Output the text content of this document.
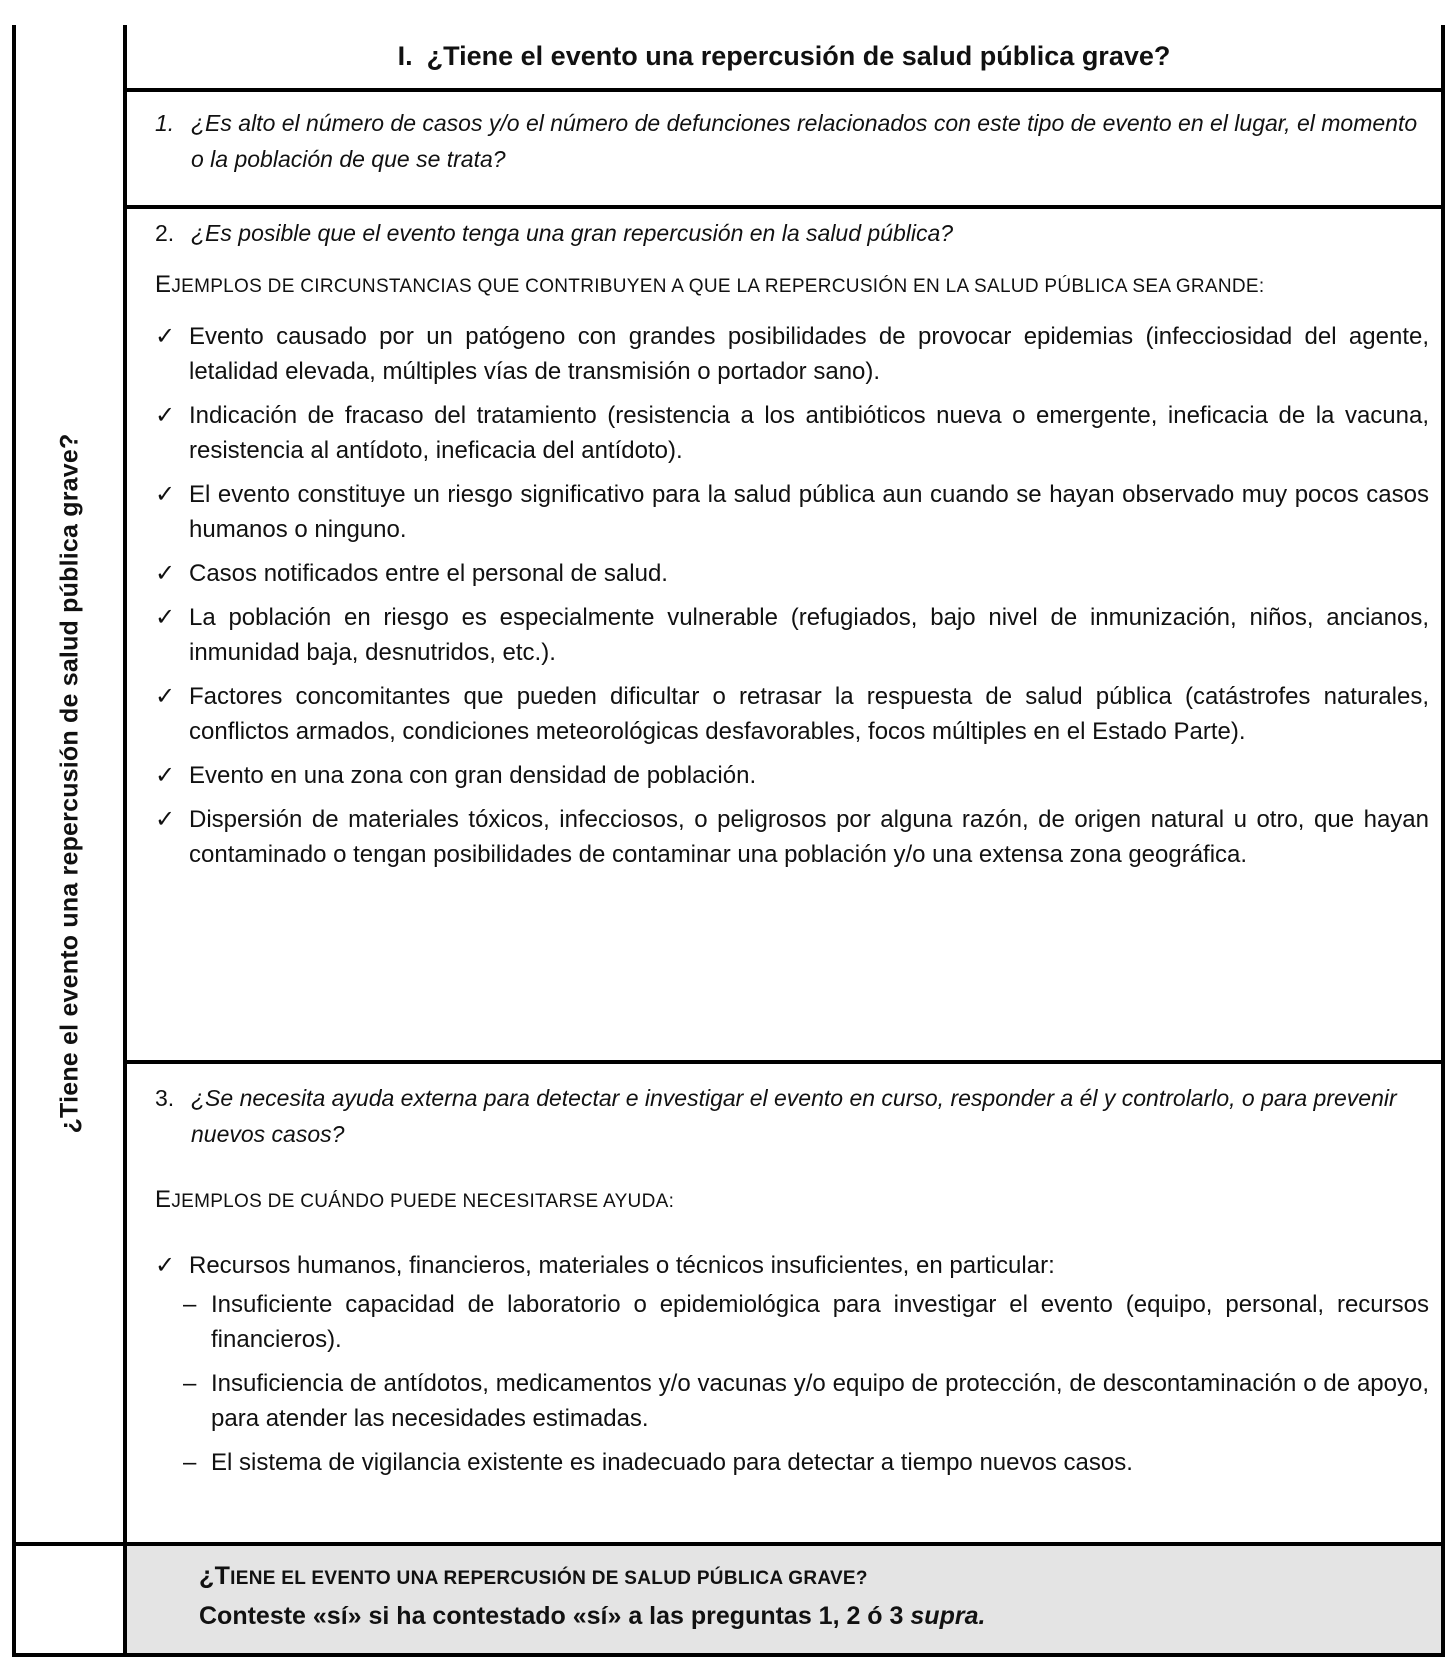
¿Tiene el evento una repercusión de salud pública grave?
I. ¿Tiene el evento una repercusión de salud pública grave?
1. ¿Es alto el número de casos y/o el número de defunciones relacionados con este tipo de evento en el lugar, el momento o la población de que se trata?
2. ¿Es posible que el evento tenga una gran repercusión en la salud pública?
EJEMPLOS DE CIRCUNSTANCIAS QUE CONTRIBUYEN A QUE LA REPERCUSIÓN EN LA SALUD PÚBLICA SEA GRANDE:
✓ Evento causado por un patógeno con grandes posibilidades de provocar epidemias (infecciosidad del agente, letalidad elevada, múltiples vías de transmisión o portador sano).
✓ Indicación de fracaso del tratamiento (resistencia a los antibióticos nueva o emergente, ineficacia de la vacuna, resistencia al antídoto, ineficacia del antídoto).
✓ El evento constituye un riesgo significativo para la salud pública aun cuando se hayan observado muy pocos casos humanos o ninguno.
✓ Casos notificados entre el personal de salud.
✓ La población en riesgo es especialmente vulnerable (refugiados, bajo nivel de inmunización, niños, ancianos, inmunidad baja, desnutridos, etc.).
✓ Factores concomitantes que pueden dificultar o retrasar la respuesta de salud pública (catástrofes naturales, conflictos armados, condiciones meteorológicas desfavorables, focos múltiples en el Estado Parte).
✓ Evento en una zona con gran densidad de población.
✓ Dispersión de materiales tóxicos, infecciosos, o peligrosos por alguna razón, de origen natural u otro, que hayan contaminado o tengan posibilidades de contaminar una población y/o una extensa zona geográfica.
3. ¿Se necesita ayuda externa para detectar e investigar el evento en curso, responder a él y controlarlo, o para prevenir nuevos casos?
EJEMPLOS DE CUÁNDO PUEDE NECESITARSE AYUDA:
✓ Recursos humanos, financieros, materiales o técnicos insuficientes, en particular:
– Insuficiente capacidad de laboratorio o epidemiológica para investigar el evento (equipo, personal, recursos financieros).
– Insuficiencia de antídotos, medicamentos y/o vacunas y/o equipo de protección, de descontaminación o de apoyo, para atender las necesidades estimadas.
– El sistema de vigilancia existente es inadecuado para detectar a tiempo nuevos casos.
¿TIENE EL EVENTO UNA REPERCUSIÓN DE SALUD PÚBLICA GRAVE?
Conteste «sí» si ha contestado «sí» a las preguntas 1, 2 ó 3 supra.
